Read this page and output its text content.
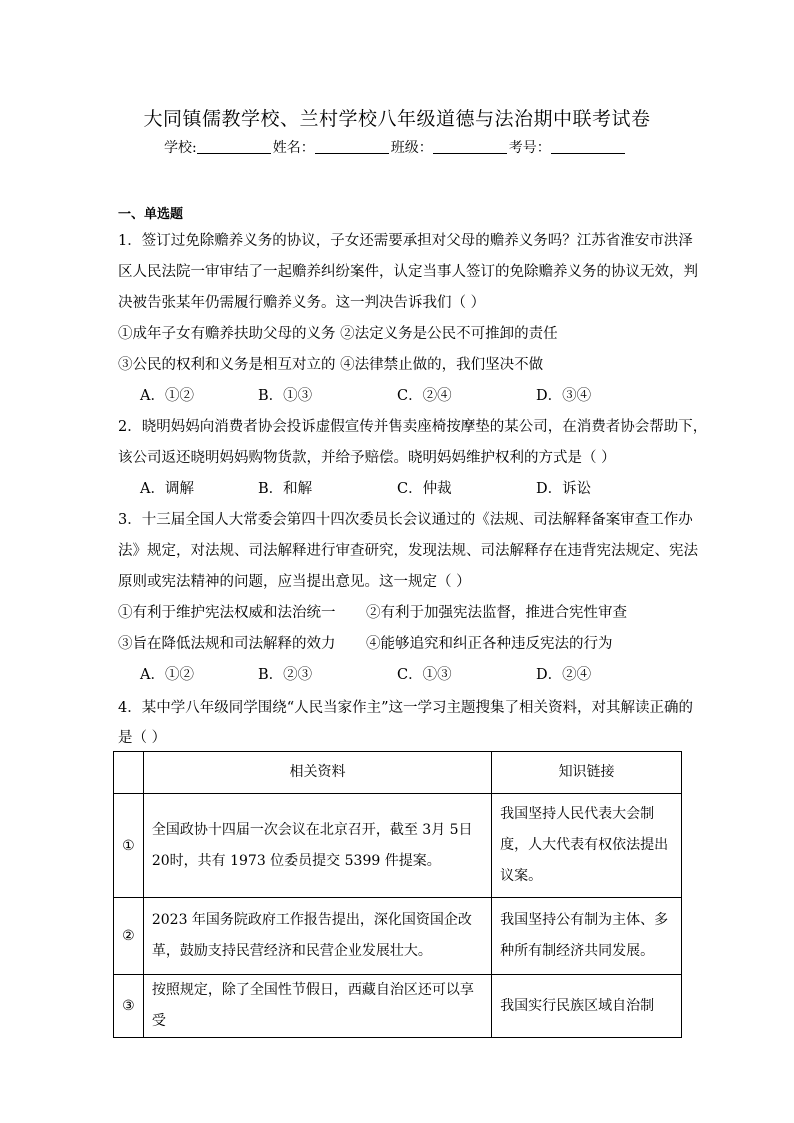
大同镇儒教学校、兰村学校八年级道德与法治期中联考试卷
学校:	姓名：	班级：	考号：
一、单选题
1．签订过免除赡养义务的协议，子女还需要承担对父母的赡养义务吗？江苏省淮安市洪泽
区人民法院一审审结了一起赡养纠纷案件，认定当事人签订的免除赡养义务的协议无效，判
决被告张某年仍需履行赡养义务。这一判决告诉我们（ ）
①成年子女有赡养扶助父母的义务 ②法定义务是公民不可推卸的责任
③公民的权利和义务是相互对立的 ④法律禁止做的，我们坚决不做
A．①②	B．①③	C．②④	D．③④
2．晓明妈妈向消费者协会投诉虚假宣传并售卖座椅按摩垫的某公司，在消费者协会帮助下，
该公司返还晓明妈妈购物货款，并给予赔偿。晓明妈妈维护权利的方式是（ ）
A．调解	B．和解	C．仲裁	D．诉讼
3．十三届全国人大常委会第四十四次委员长会议通过的《法规、司法解释备案审查工作办
法》规定，对法规、司法解释进行审查研究，发现法规、司法解释存在违背宪法规定、宪法
原则或宪法精神的问题，应当提出意见。这一规定（ ）
①有利于维护宪法权威和法治统一 ②有利于加强宪法监督，推进合宪性审查
③旨在降低法规和司法解释的效力 ④能够追究和纠正各种违反宪法的行为
A．①②	B．②③	C．①③	D．②④
4．某中学八年级同学围绕“人民当家作主”这一学习主题搜集了相关资料，对其解读正确的
是（ ）
	相关资料	知识链接
①	全国政协十四届一次会议在北京召开，截至 3月 5日 20时，共有 1973 位委员提交 5399 件提案。	我国坚持人民代表大会制度，人大代表有权依法提出议案。
②	2023 年国务院政府工作报告提出，深化国资国企改革，鼓励支持民营经济和民营企业发展壮大。	我国坚持公有制为主体、多种所有制经济共同发展。
③	按照规定，除了全国性节假日，西藏自治区还可以享受	我国实行民族区域自治制
